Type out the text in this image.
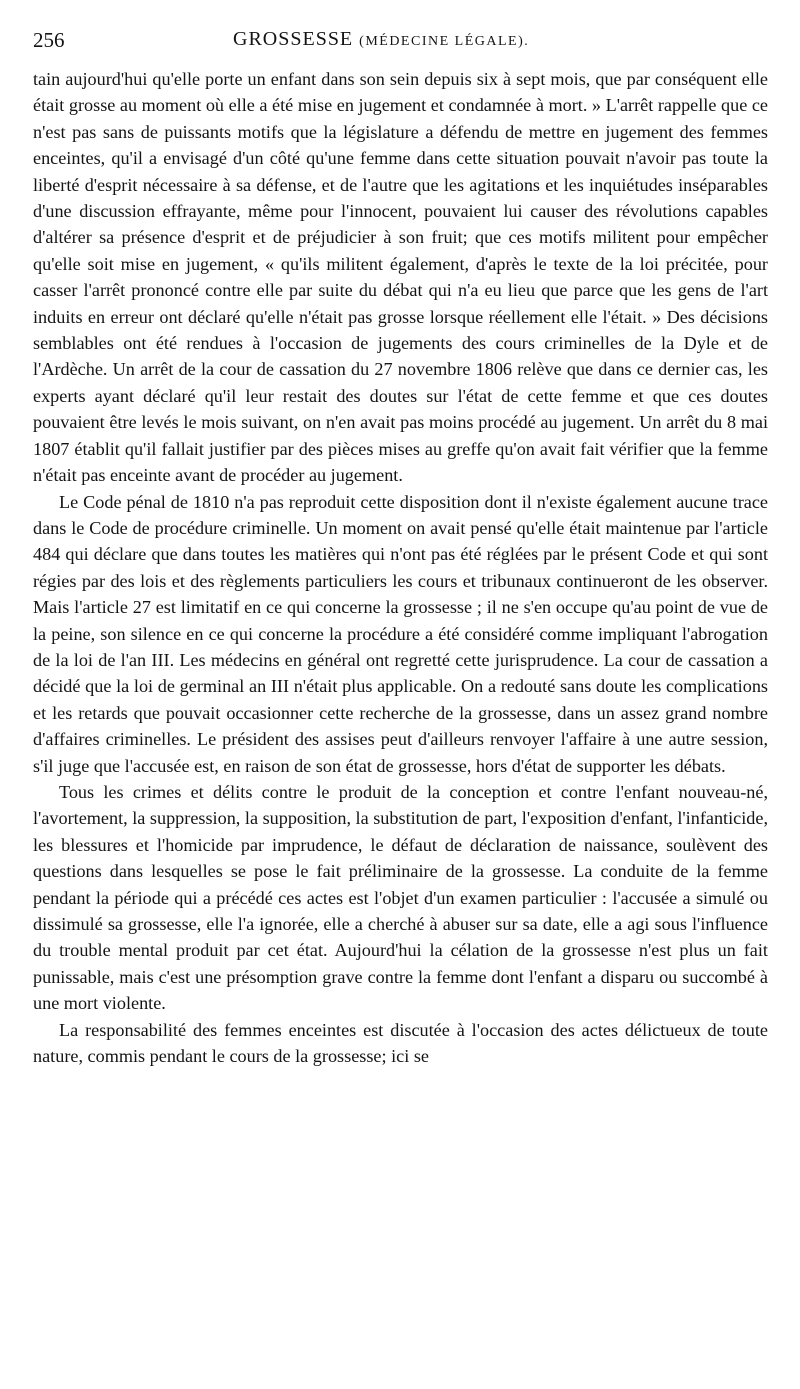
256	GROSSESSE (MÉDECINE LÉGALE).

tain aujourd'hui qu'elle porte un enfant dans son sein depuis six à sept mois, que par conséquent elle était grosse au moment où elle a été mise en jugement et condamnée à mort. » L'arrêt rappelle que ce n'est pas sans de puissants motifs que la législature a défendu de mettre en jugement des femmes enceintes, qu'il a envisagé d'un côté qu'une femme dans cette situation pouvait n'avoir pas toute la liberté d'esprit nécessaire à sa défense, et de l'autre que les agitations et les inquiétudes inséparables d'une discussion effrayante, même pour l'innocent, pouvaient lui causer des révolutions capables d'altérer sa présence d'esprit et de préjudicier à son fruit; que ces motifs militent pour empêcher qu'elle soit mise en jugement, « qu'ils militent également, d'après le texte de la loi précitée, pour casser l'arrêt prononcé contre elle par suite du débat qui n'a eu lieu que parce que les gens de l'art induits en erreur ont déclaré qu'elle n'était pas grosse lorsque réellement elle l'était. » Des décisions semblables ont été rendues à l'occasion de jugements des cours criminelles de la Dyle et de l'Ardèche. Un arrêt de la cour de cassation du 27 novembre 1806 relève que dans ce dernier cas, les experts ayant déclaré qu'il leur restait des doutes sur l'état de cette femme et que ces doutes pouvaient être levés le mois suivant, on n'en avait pas moins procédé au jugement. Un arrêt du 8 mai 1807 établit qu'il fallait justifier par des pièces mises au greffe qu'on avait fait vérifier que la femme n'était pas enceinte avant de procéder au jugement.

Le Code pénal de 1810 n'a pas reproduit cette disposition dont il n'existe également aucune trace dans le Code de procédure criminelle. Un moment on avait pensé qu'elle était maintenue par l'article 484 qui déclare que dans toutes les matières qui n'ont pas été réglées par le présent Code et qui sont régies par des lois et des règlements particuliers les cours et tribunaux continueront de les observer. Mais l'article 27 est limitatif en ce qui concerne la grossesse ; il ne s'en occupe qu'au point de vue de la peine, son silence en ce qui concerne la procédure a été considéré comme impliquant l'abrogation de la loi de l'an III. Les médecins en général ont regretté cette jurisprudence. La cour de cassation a décidé que la loi de germinal an III n'était plus applicable. On a redouté sans doute les complications et les retards que pouvait occasionner cette recherche de la grossesse, dans un assez grand nombre d'affaires criminelles. Le président des assises peut d'ailleurs renvoyer l'affaire à une autre session, s'il juge que l'accusée est, en raison de son état de grossesse, hors d'état de supporter les débats.

Tous les crimes et délits contre le produit de la conception et contre l'enfant nouveau-né, l'avortement, la suppression, la supposition, la substitution de part, l'exposition d'enfant, l'infanticide, les blessures et l'homicide par imprudence, le défaut de déclaration de naissance, soulèvent des questions dans lesquelles se pose le fait préliminaire de la grossesse. La conduite de la femme pendant la période qui a précédé ces actes est l'objet d'un examen particulier : l'accusée a simulé ou dissimulé sa grossesse, elle l'a ignorée, elle a cherché à abuser sur sa date, elle a agi sous l'influence du trouble mental produit par cet état. Aujourd'hui la célation de la grossesse n'est plus un fait punissable, mais c'est une présomption grave contre la femme dont l'enfant a disparu ou succombé à une mort violente.

La responsabilité des femmes enceintes est discutée à l'occasion des actes délictueux de toute nature, commis pendant le cours de la grossesse; ici se
